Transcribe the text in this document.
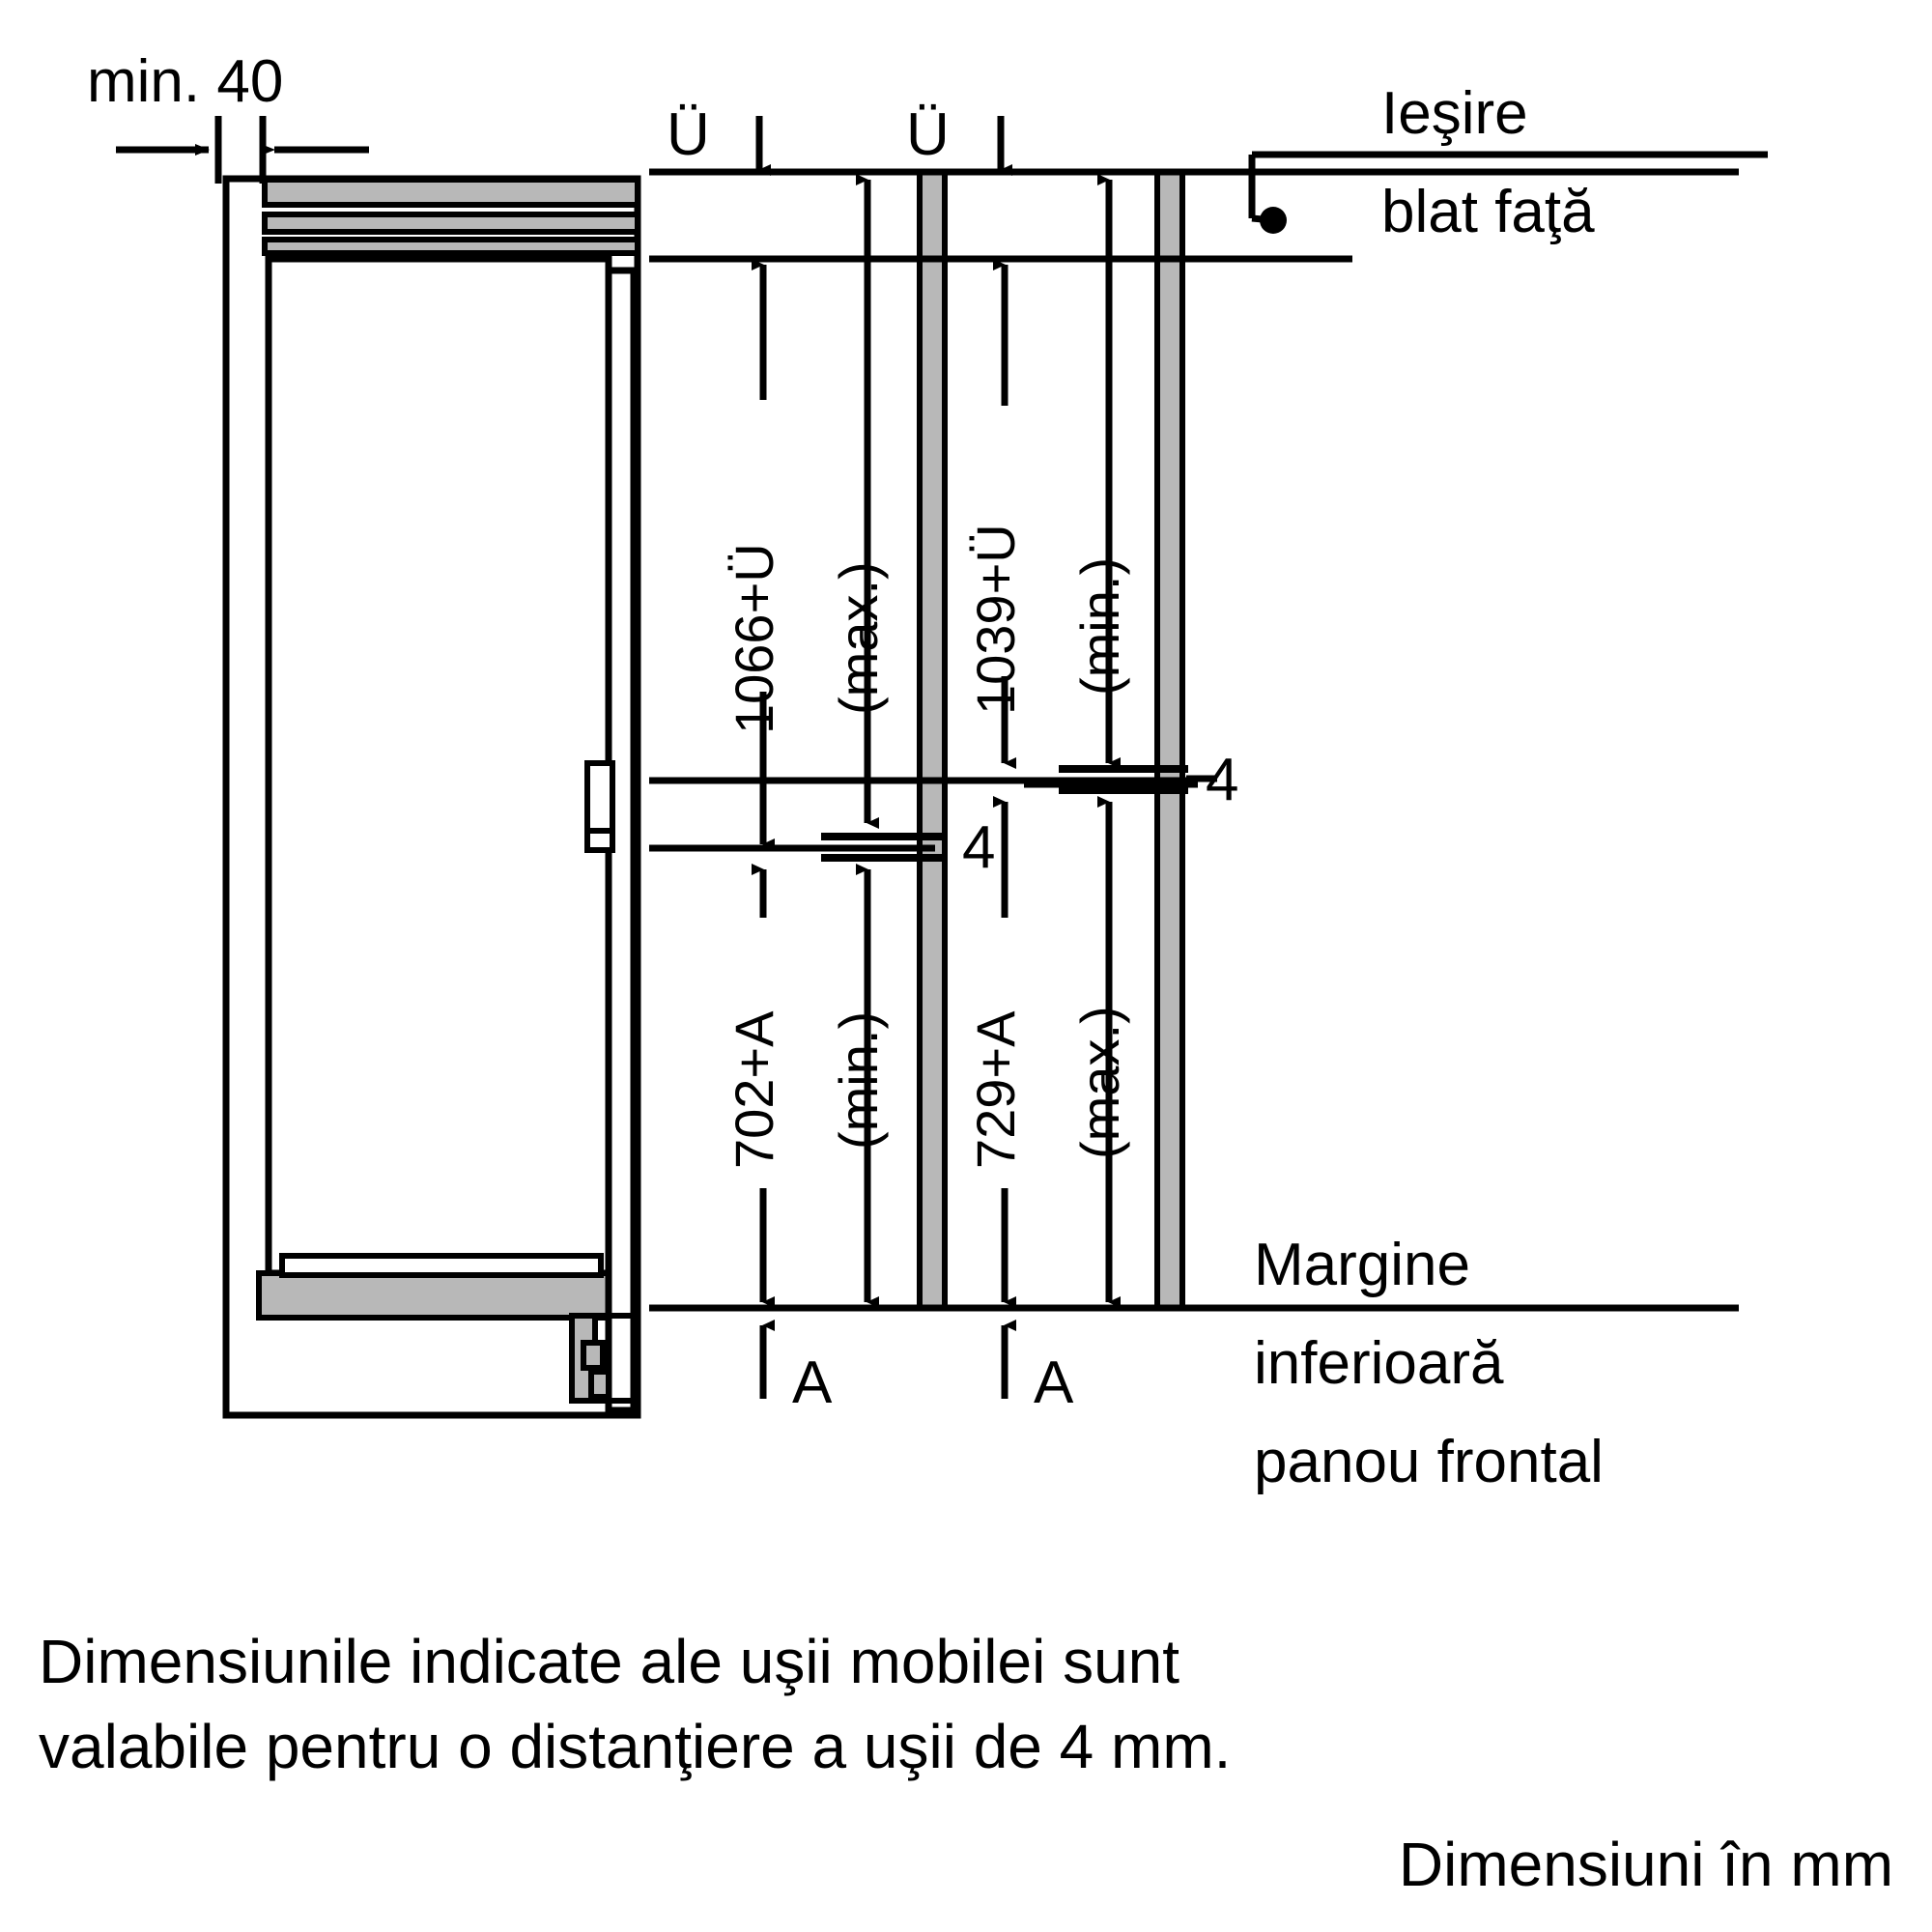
min. 40
Ü	Ü	Ieşire
blat faţă
1066+Ü (max.) 1039+Ü (min.)
702+A (min.) 729+A (max.)
4
4
A	A
Margine
inferioară
panou frontal
Dimensiunile indicate ale uşii mobilei sunt
valabile pentru o distanţiere a uşii de 4 mm.
Dimensiuni în mm
